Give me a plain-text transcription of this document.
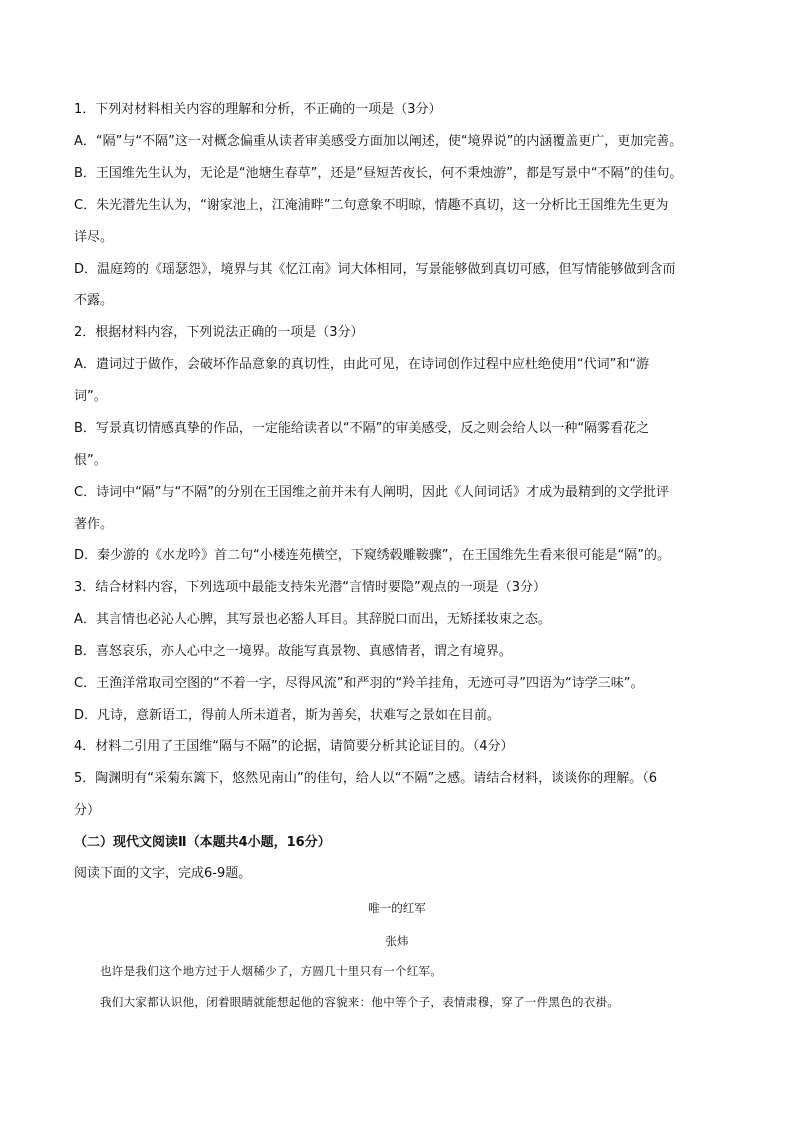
1．下列对材料相关内容的理解和分析，不正确的一项是（3分）
A．“隔”与“不隔”这一对概念偏重从读者审美感受方面加以阐述，使“境界说”的内涵覆盖更广，更加完善。
B．王国维先生认为，无论是“池塘生春草”，还是“昼短苦夜长，何不秉烛游”，都是写景中“不隔”的佳句。
C．朱光潜先生认为，“谢家池上，江淹浦畔”二句意象不明晾，情趣不真切，这一分析比王国维先生更为
详尽。
D．温庭筠的《瑶瑟怨》，境界与其《忆江南》词大体相同，写景能够做到真切可感，但写情能够做到含而
不露。
2．根据材料内容，下列说法正确的一项是（3分）
A．遣词过于做作，会破坏作品意象的真切性，由此可见，在诗词创作过程中应杜绝使用“代词”和“游
词”。
B．写景真切情感真挚的作品，一定能给读者以“不隔”的审美感受，反之则会给人以一种“隔雾看花之
恨”。
C．诗词中“隔”与“不隔”的分别在王国维之前并未有人阐明，因此《人间词话》才成为最精到的文学批评
著作。
D．秦少游的《水龙吟》首二句“小楼连苑横空，下窥绣毂雕鞍骤”，在王国维先生看来很可能是“隔”的。
3．结合材料内容，下列选项中最能支持朱光潜“言情时要隐”观点的一项是（3分）
A．其言情也必沁人心脾，其写景也必豁人耳目。其辞脱口而出，无矫揉妆束之态。
B．喜怒哀乐，亦人心中之一境界。故能写真景物、真感情者，谓之有境界。
C．王渔洋常取司空图的“不着一字，尽得风流”和严羽的“羚羊挂角，无迹可寻”四语为“诗学三味”。
D．凡诗，意新语工，得前人所未道者，斯为善矣，状难写之景如在目前。
4．材料二引用了王国维“隔与不隔”的论据，请简要分析其论证目的。（4分）
5．陶渊明有“采菊东篱下，悠然见南山”的佳句，给人以“不隔”之感。请结合材料，谈谈你的理解。（6
分）
（二）现代文阅读Ⅱ（本题共4小题，16分）
阅读下面的文字，完成6-9题。
唯一的红军
张炜
也许是我们这个地方过于人烟稀少了，方圆几十里只有一个红军。
我们大家都认识他，闭着眼睛就能想起他的容貌来：他中等个子，表情肃穆，穿了一件黑色的衣褂。
